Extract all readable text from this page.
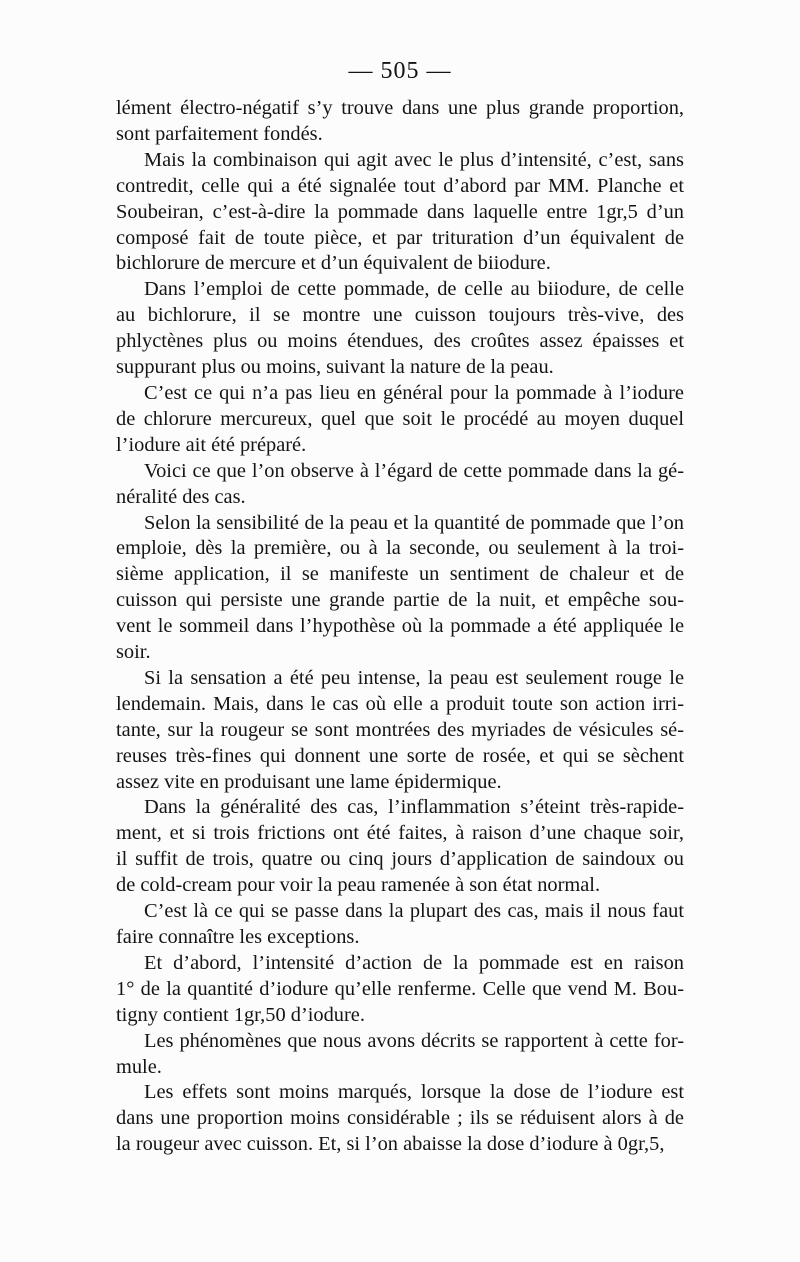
— 505 —
lément électro-négatif s’y trouve dans une plus grande proportion,
sont parfaitement fondés.
Mais la combinaison qui agit avec le plus d’intensité, c’est, sans
contredit, celle qui a été signalée tout d’abord par MM. Planche et
Soubeiran, c’est-à-dire la pommade dans laquelle entre 1gr,5 d’un
composé fait de toute pièce, et par trituration d’un équivalent de
bichlorure de mercure et d’un équivalent de biiodure.
Dans l’emploi de cette pommade, de celle au biiodure, de celle
au bichlorure, il se montre une cuisson toujours très-vive, des
phlyctènes plus ou moins étendues, des croûtes assez épaisses et
suppurant plus ou moins, suivant la nature de la peau.
C’est ce qui n’a pas lieu en général pour la pommade à l’iodure
de chlorure mercureux, quel que soit le procédé au moyen duquel
l’iodure ait été préparé.
Voici ce que l’on observe à l’égard de cette pommade dans la gé-
néralité des cas.
Selon la sensibilité de la peau et la quantité de pommade que l’on
emploie, dès la première, ou à la seconde, ou seulement à la troi-
sième application, il se manifeste un sentiment de chaleur et de
cuisson qui persiste une grande partie de la nuit, et empêche sou-
vent le sommeil dans l’hypothèse où la pommade a été appliquée le
soir.
Si la sensation a été peu intense, la peau est seulement rouge le
lendemain. Mais, dans le cas où elle a produit toute son action irri-
tante, sur la rougeur se sont montrées des myriades de vésicules sé-
reuses très-fines qui donnent une sorte de rosée, et qui se sèchent
assez vite en produisant une lame épidermique.
Dans la généralité des cas, l’inflammation s’éteint très-rapide-
ment, et si trois frictions ont été faites, à raison d’une chaque soir,
il suffit de trois, quatre ou cinq jours d’application de saindoux ou
de cold-cream pour voir la peau ramenée à son état normal.
C’est là ce qui se passe dans la plupart des cas, mais il nous faut
faire connaître les exceptions.
Et d’abord, l’intensité d’action de la pommade est en raison
1° de la quantité d’iodure qu’elle renferme. Celle que vend M. Bou-
tigny contient 1gr,50 d’iodure.
Les phénomènes que nous avons décrits se rapportent à cette for-
mule.
Les effets sont moins marqués, lorsque la dose de l’iodure est
dans une proportion moins considérable ; ils se réduisent alors à de
la rougeur avec cuisson. Et, si l’on abaisse la dose d’iodure à 0gr,5,
